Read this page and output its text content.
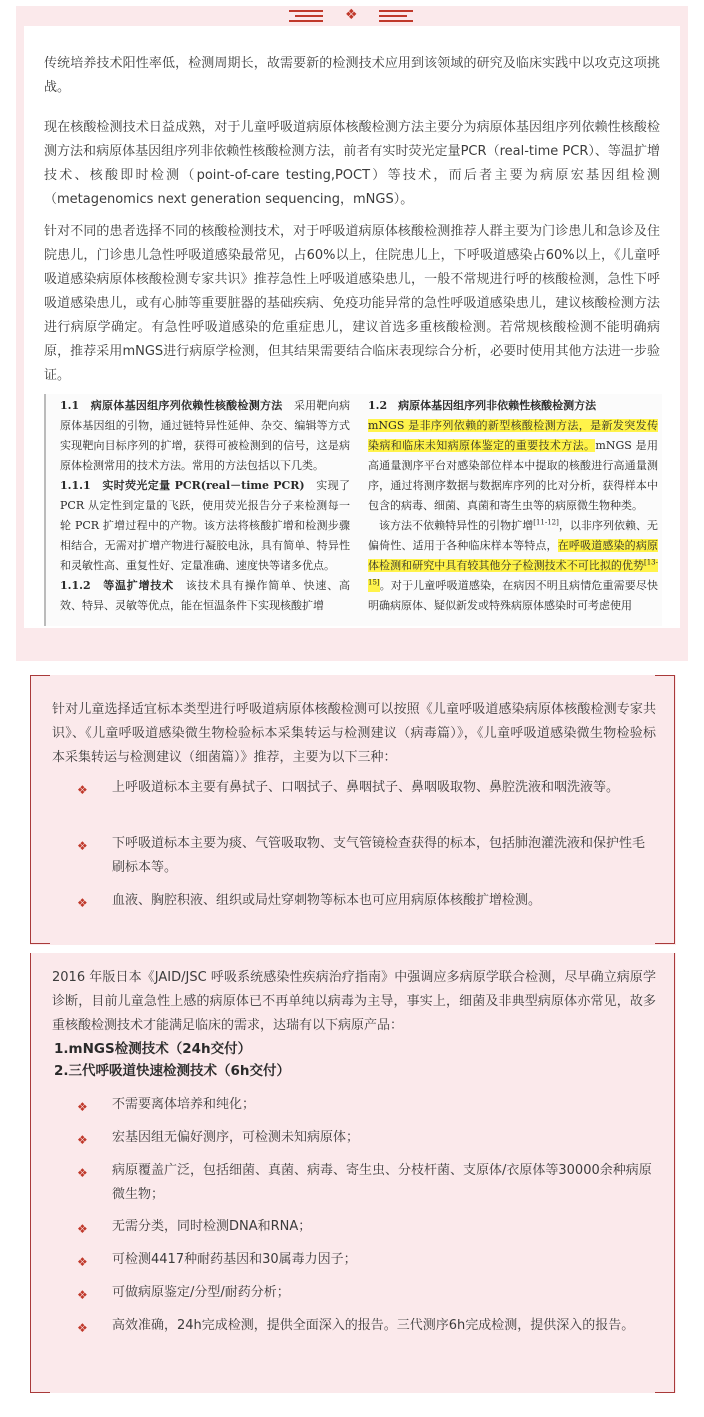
❖

传统培养技术阳性率低，检测周期长，故需要新的检测技术应用到该领域的研究及临床实践中以攻克这项挑战。

现在核酸检测技术日益成熟，对于儿童呼吸道病原体核酸检测方法主要分为病原体基因组序列依赖性核酸检测方法和病原体基因组序列非依赖性核酸检测方法，前者有实时荧光定量PCR（real-time PCR）、等温扩增技术、核酸即时检测（point-of-care testing,POCT）等技术，而后者主要为病原宏基因组检测（metagenomics next generation sequencing，mNGS）。

针对不同的患者选择不同的核酸检测技术，对于呼吸道病原体核酸检测推荐人群主要为门诊患儿和急诊及住院患儿，门诊患儿急性呼吸道感染最常见，占60%以上，住院患儿上，下呼吸道感染占60%以上，《儿童呼吸道感染病原体核酸检测专家共识》推荐急性上呼吸道感染患儿，一般不常规进行呼的核酸检测，急性下呼吸道感染患儿，或有心肺等重要脏器的基础疾病、免疫功能异常的急性呼吸道感染患儿，建议核酸检测方法进行病原学确定。有急性呼吸道感染的危重症患儿，建议首选多重核酸检测。若常规核酸检测不能明确病原，推荐采用mNGS进行病原学检测，但其结果需要结合临床表现综合分析，必要时使用其他方法进一步验证。

1.1　病原体基因组序列依赖性核酸检测方法　采用靶向病原体基因组的引物，通过链特异性延伸、杂交、编辑等方式实现靶向目标序列的扩增，获得可被检测到的信号，这是病原体检测常用的技术方法。常用的方法包括以下几类。

1.1.1　实时荧光定量 PCR(real－time PCR)　实现了 PCR 从定性到定量的飞跃，使用荧光报告分子来检测每一轮 PCR 扩增过程中的产物。该方法将核酸扩增和检测步骤相结合，无需对扩增产物进行凝胶电泳，具有简单、特异性和灵敏性高、重复性好、定量准确、速度快等诸多优点。

1.1.2　等温扩增技术　该技术具有操作简单、快速、高效、特异、灵敏等优点，能在恒温条件下实现核酸扩增

1.2　病原体基因组序列非依赖性核酸检测方法

mNGS 是非序列依赖的新型核酸检测方法，是新发突发传染病和临床未知病原体鉴定的重要技术方法。mNGS 是用高通量测序平台对感染部位样本中提取的核酸进行高通量测序，通过将测序数据与数据库序列的比对分析，获得样本中包含的病毒、细菌、真菌和寄生虫等的病原微生物种类。

　该方法不依赖特异性的引物扩增[11-12]，以非序列依赖、无偏倚性、适用于各种临床样本等特点，在呼吸道感染的病原体检测和研究中具有较其他分子检测技术不可比拟的优势[13-15]。对于儿童呼吸道感染，在病因不明且病情危重需要尽快明确病原体、疑似新发或特殊病原体感染时可考虑使用

针对儿童选择适宜标本类型进行呼吸道病原体核酸检测可以按照《儿童呼吸道感染病原体核酸检测专家共识》、《儿童呼吸道感染微生物检验标本采集转运与检测建议（病毒篇）》，《儿童呼吸道感染微生物检验标本采集转运与检测建议（细菌篇）》推荐，主要为以下三种：

❖ 上呼吸道标本主要有鼻拭子、口咽拭子、鼻咽拭子、鼻咽吸取物、鼻腔洗液和咽洗液等。

❖ 下呼吸道标本主要为痰、气管吸取物、支气管镜检查获得的标本，包括肺泡灌洗液和保护性毛刷标本等。

❖ 血液、胸腔积液、组织或局灶穿刺物等标本也可应用病原体核酸扩增检测。

2016 年版日本《JAID/JSC 呼吸系统感染性疾病治疗指南》中强调应多病原学联合检测，尽早确立病原学诊断，目前儿童急性上感的病原体已不再单纯以病毒为主导，事实上，细菌及非典型病原体亦常见，故多重核酸检测技术才能满足临床的需求，达瑞有以下病原产品：

1.mNGS检测技术（24h交付）
2.三代呼吸道快速检测技术（6h交付）
❖ 不需要离体培养和纯化；

❖ 宏基因组无偏好测序，可检测未知病原体；

❖ 病原覆盖广泛，包括细菌、真菌、病毒、寄生虫、分枝杆菌、支原体/衣原体等30000余种病原微生物；

❖ 无需分类，同时检测DNA和RNA；

❖ 可检测4417种耐药基因和30属毒力因子；

❖ 可做病原鉴定/分型/耐药分析；

❖ 高效准确，24h完成检测，提供全面深入的报告。三代测序6h完成检测，提供深入的报告。
